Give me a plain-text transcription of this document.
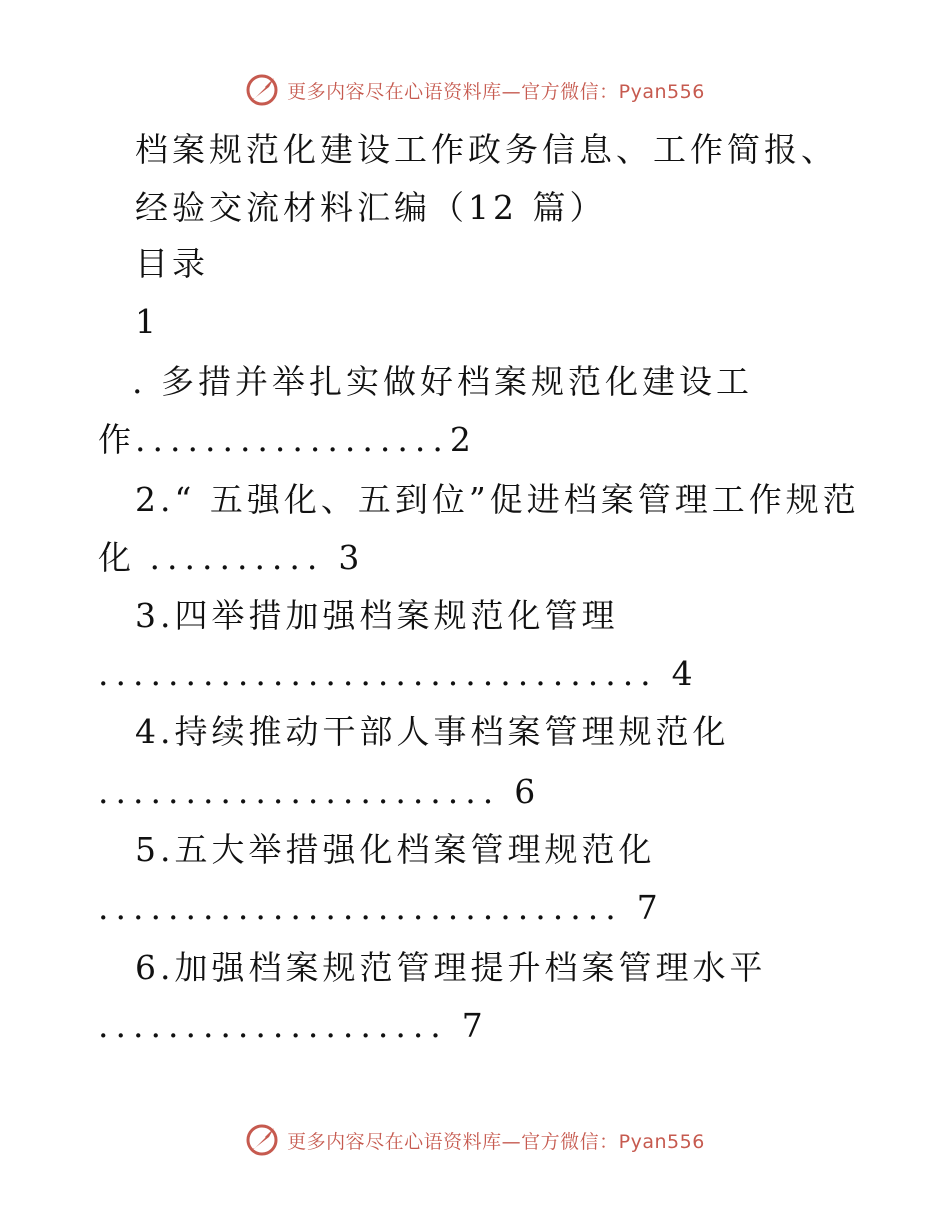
更多内容尽在心语资料库—官方微信：Pyan556
档案规范化建设工作政务信息、工作简报、
经验交流材料汇编（12 篇）
目录
1
. 多措并举扎实做好档案规范化建设工
作..................2
2.“ 五强化、五到位”促进档案管理工作规范
化 .......... 3
3.四举措加强档案规范化管理
................................ 4
4.持续推动干部人事档案管理规范化
....................... 6
5.五大举措强化档案管理规范化
.............................. 7
6.加强档案规范管理提升档案管理水平
.................... 7
更多内容尽在心语资料库—官方微信：Pyan556
